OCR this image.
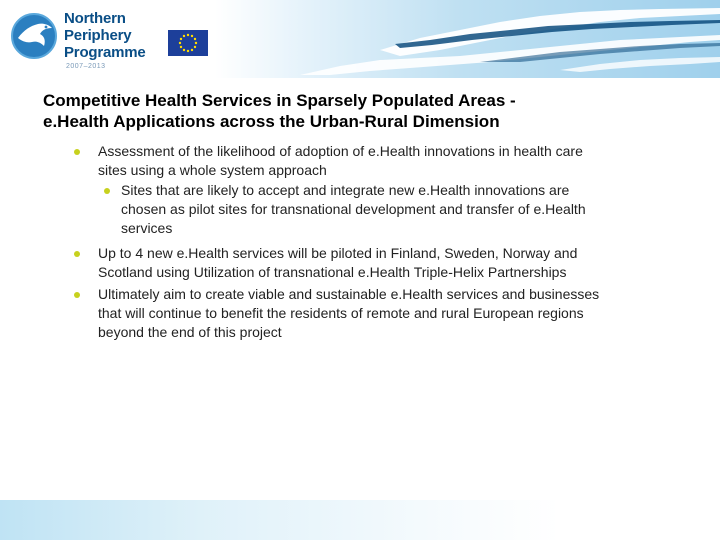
Northern
Periphery
Programme
2007–2013
Competitive Health Services in Sparsely Populated Areas -
e.Health Applications across the Urban-Rural Dimension
Assessment of the likelihood of adoption of e.Health innovations in health care
sites using a whole system approach
Sites that are likely to accept and integrate new e.Health innovations are
chosen as pilot sites for transnational development and transfer of e.Health
services
Up to 4 new e.Health services will be piloted in Finland, Sweden, Norway and
Scotland using Utilization of transnational e.Health Triple-Helix Partnerships
Ultimately aim to create viable and sustainable e.Health services and businesses
that will continue to benefit the residents of remote and rural European regions
beyond the end of this project
